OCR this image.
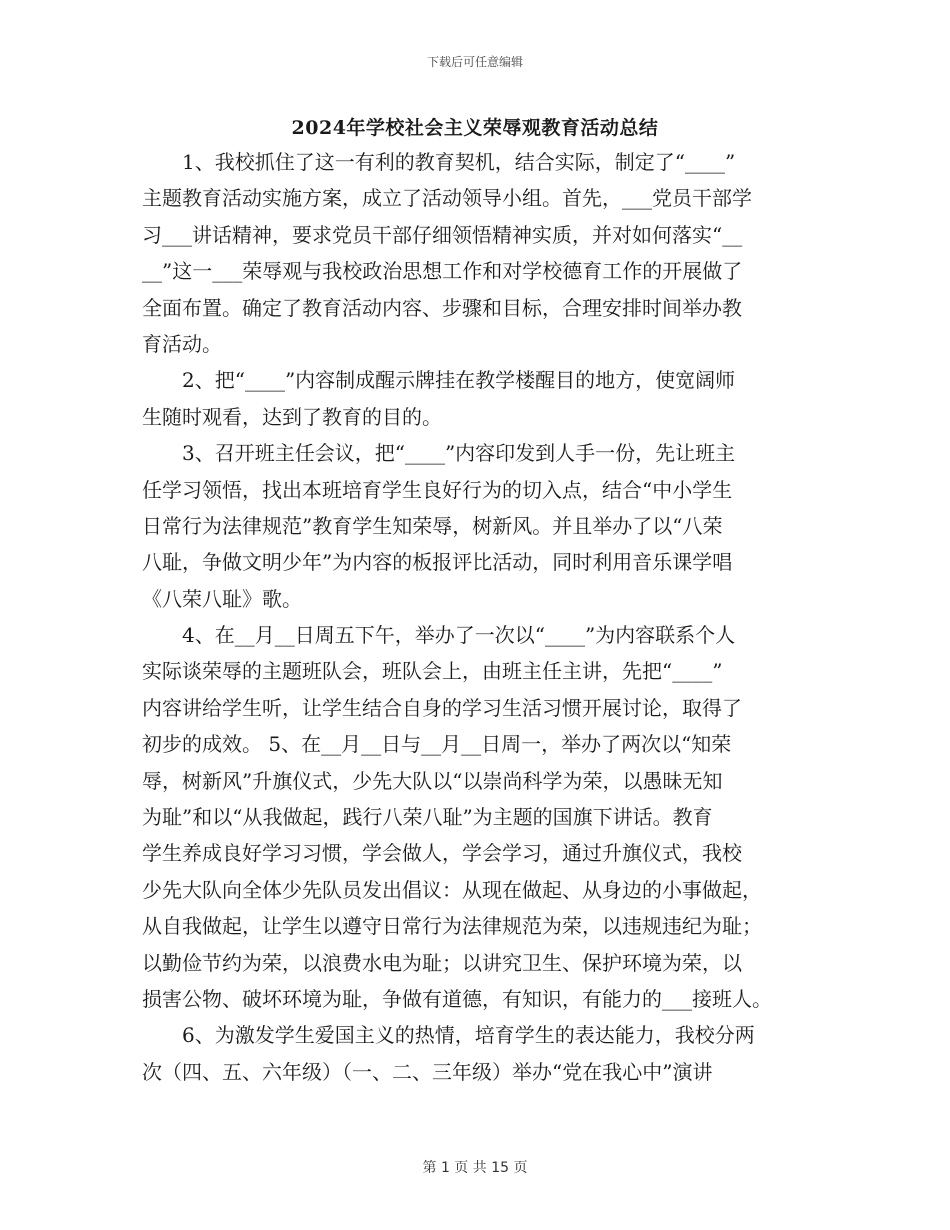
下载后可任意编辑
2024年学校社会主义荣辱观教育活动总结
1、我校抓住了这一有利的教育契机，结合实际，制定了“____”
主题教育活动实施方案，成立了活动领导小组。首先，___党员干部学
习___讲话精神，要求党员干部仔细领悟精神实质，并对如何落实“__
__”这一___荣辱观与我校政治思想工作和对学校德育工作的开展做了
全面布置。确定了教育活动内容、步骤和目标，合理安排时间举办教
育活动。
2、把“____”内容制成醒示牌挂在教学楼醒目的地方，使宽阔师
生随时观看，达到了教育的目的。
3、召开班主任会议，把“____”内容印发到人手一份，先让班主
任学习领悟，找出本班培育学生良好行为的切入点，结合“中小学生
日常行为法律规范”教育学生知荣辱，树新风。并且举办了以“八荣
八耻，争做文明少年”为内容的板报评比活动，同时利用音乐课学唱
《八荣八耻》歌。
4、在__月__日周五下午，举办了一次以“____”为内容联系个人
实际谈荣辱的主题班队会，班队会上，由班主任主讲，先把“____”
内容讲给学生听，让学生结合自身的学习生活习惯开展讨论，取得了
初步的成效。 5、在__月__日与__月__日周一，举办了两次以“知荣
辱，树新风”升旗仪式，少先大队以“以崇尚科学为荣，以愚昧无知
为耻”和以“从我做起，践行八荣八耻”为主题的国旗下讲话。教育
学生养成良好学习习惯，学会做人，学会学习，通过升旗仪式，我校
少先大队向全体少先队员发出倡议：从现在做起、从身边的小事做起，
从自我做起，让学生以遵守日常行为法律规范为荣，以违规违纪为耻；
以勤俭节约为荣，以浪费水电为耻；以讲究卫生、保护环境为荣，以
损害公物、破坏环境为耻，争做有道德，有知识，有能力的___接班人。
6、为激发学生爱国主义的热情，培育学生的表达能力，我校分两
次（四、五、六年级）（一、二、三年级）举办“党在我心中”演讲
第 1 页 共 15 页
